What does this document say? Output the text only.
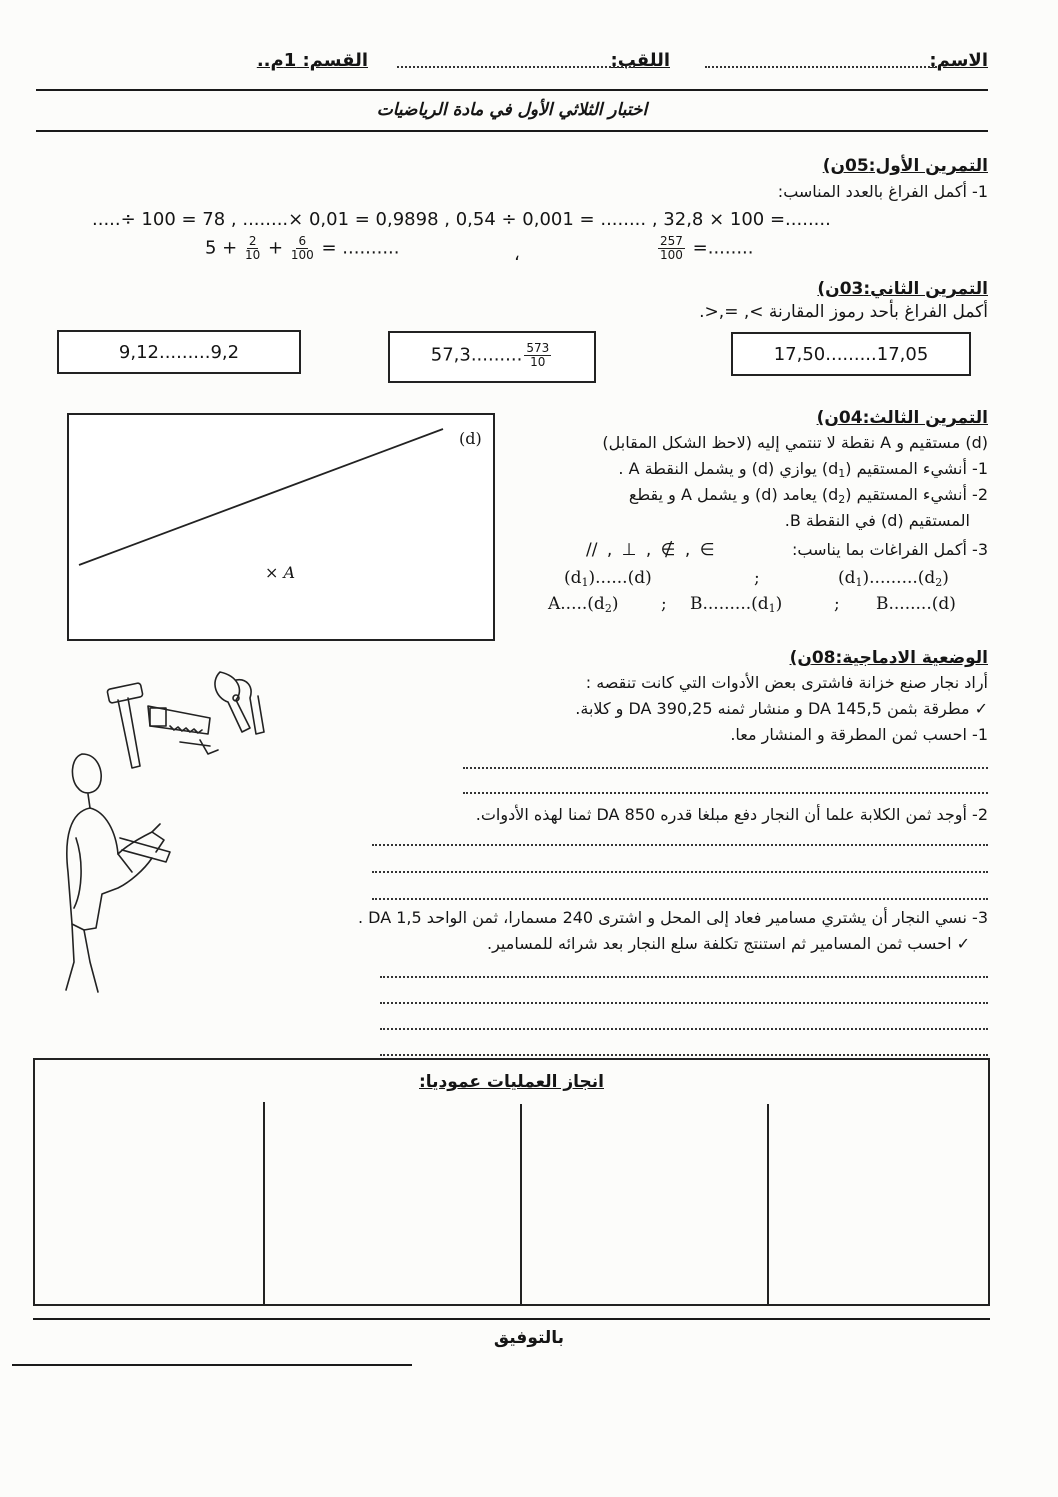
الاسم:
اللقب:
القسم: 1م..
اختبار الثلاثي الأول في مادة الرياضيات
التمرين الأول:05ن)
1- أكمل الفراغ بالعدد المناسب:
.....÷ 100 = 78 , ........× 0,01 = 0,9898 , 0,54 ÷ 0,001 = ........ , 32,8 × 100 =........
$5 + \frac{2}{10} + \frac{6}{100}$ = ..........	،	$\frac{257}{100}$ =........
التمرين الثاني:03ن)
أكمل الفراغ بأحد رموز المقارنة >, =,<.
9,12.........9,2	57,3......... $\frac{573}{10}$	17,50.........17,05
(d)
× A
التمرين الثالث:04ن)
(d) مستقيم و A نقطة لا تنتمي إليه (لاحظ الشكل المقابل)
1- أنشيء المستقيم $(d_1)$ يوازي (d) و يشمل النقطة A .
2- أنشيء المستقيم $(d_2)$ يعامد (d) و يشمل A و يقطع
المستقيم (d) في النقطة B.
3- أكمل الفراغات بما يناسب:
// , ⊥ , ∉ , ∈
$(d_1)......(d)$	;	$(d_1).........(d_2)$
$A.....(d_2)$	; $B.........(d_1)$	; B........(d)
الوضعية الادماجية:08ن)
أراد نجار صنع خزانة فاشترى بعض الأدوات التي كانت تنقصه :
✓ مطرقة بثمن 145,5 DA و منشار ثمنه 390,25 DA و كلابة.
1- احسب ثمن المطرقة و المنشار معا.
2- أوجد ثمن الكلابة علما أن النجار دفع مبلغا قدره 850 DA ثمنا لهذه الأدوات.
3- نسي النجار أن يشتري مسامير فعاد إلى المحل و اشترى 240 مسمارا، ثمن الواحد 1,5 DA .
✓ احسب ثمن المسامير ثم استنتج تكلفة سلع النجار بعد شرائه للمسامير.
انجاز العمليات عموديا:
بالتوفيق
